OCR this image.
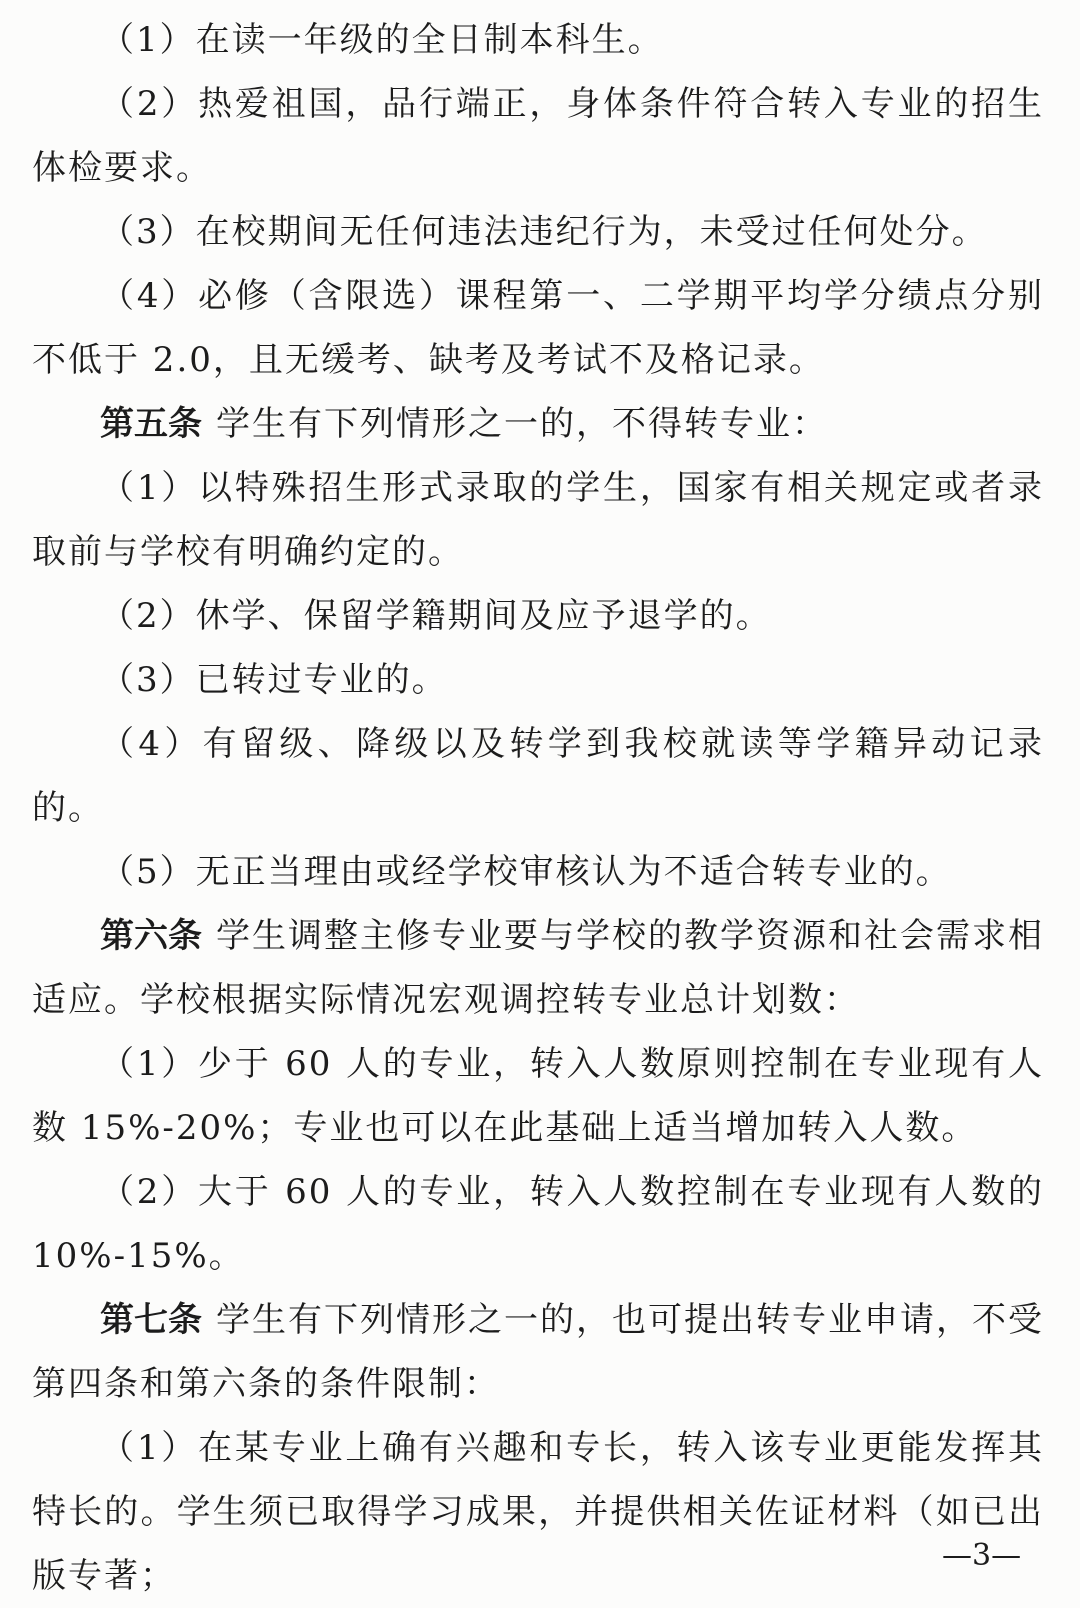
（1）在读一年级的全日制本科生。

（2）热爱祖国，品行端正，身体条件符合转入专业的招生体检要求。

（3）在校期间无任何违法违纪行为，未受过任何处分。

（4）必修（含限选）课程第一、二学期平均学分绩点分别不低于 2.0，且无缓考、缺考及考试不及格记录。

第五条 学生有下列情形之一的，不得转专业：

（1）以特殊招生形式录取的学生，国家有相关规定或者录取前与学校有明确约定的。

（2）休学、保留学籍期间及应予退学的。

（3）已转过专业的。

（4）有留级、降级以及转学到我校就读等学籍异动记录的。

（5）无正当理由或经学校审核认为不适合转专业的。

第六条 学生调整主修专业要与学校的教学资源和社会需求相适应。学校根据实际情况宏观调控转专业总计划数：

（1）少于 60 人的专业，转入人数原则控制在专业现有人数 15%-20%；专业也可以在此基础上适当增加转入人数。

（2）大于 60 人的专业，转入人数控制在专业现有人数的 10%-15%。

第七条 学生有下列情形之一的，也可提出转专业申请，不受第四条和第六条的条件限制：

（1）在某专业上确有兴趣和专长，转入该专业更能发挥其特长的。学生须已取得学习成果，并提供相关佐证材料（如已出版专著；

—3—
